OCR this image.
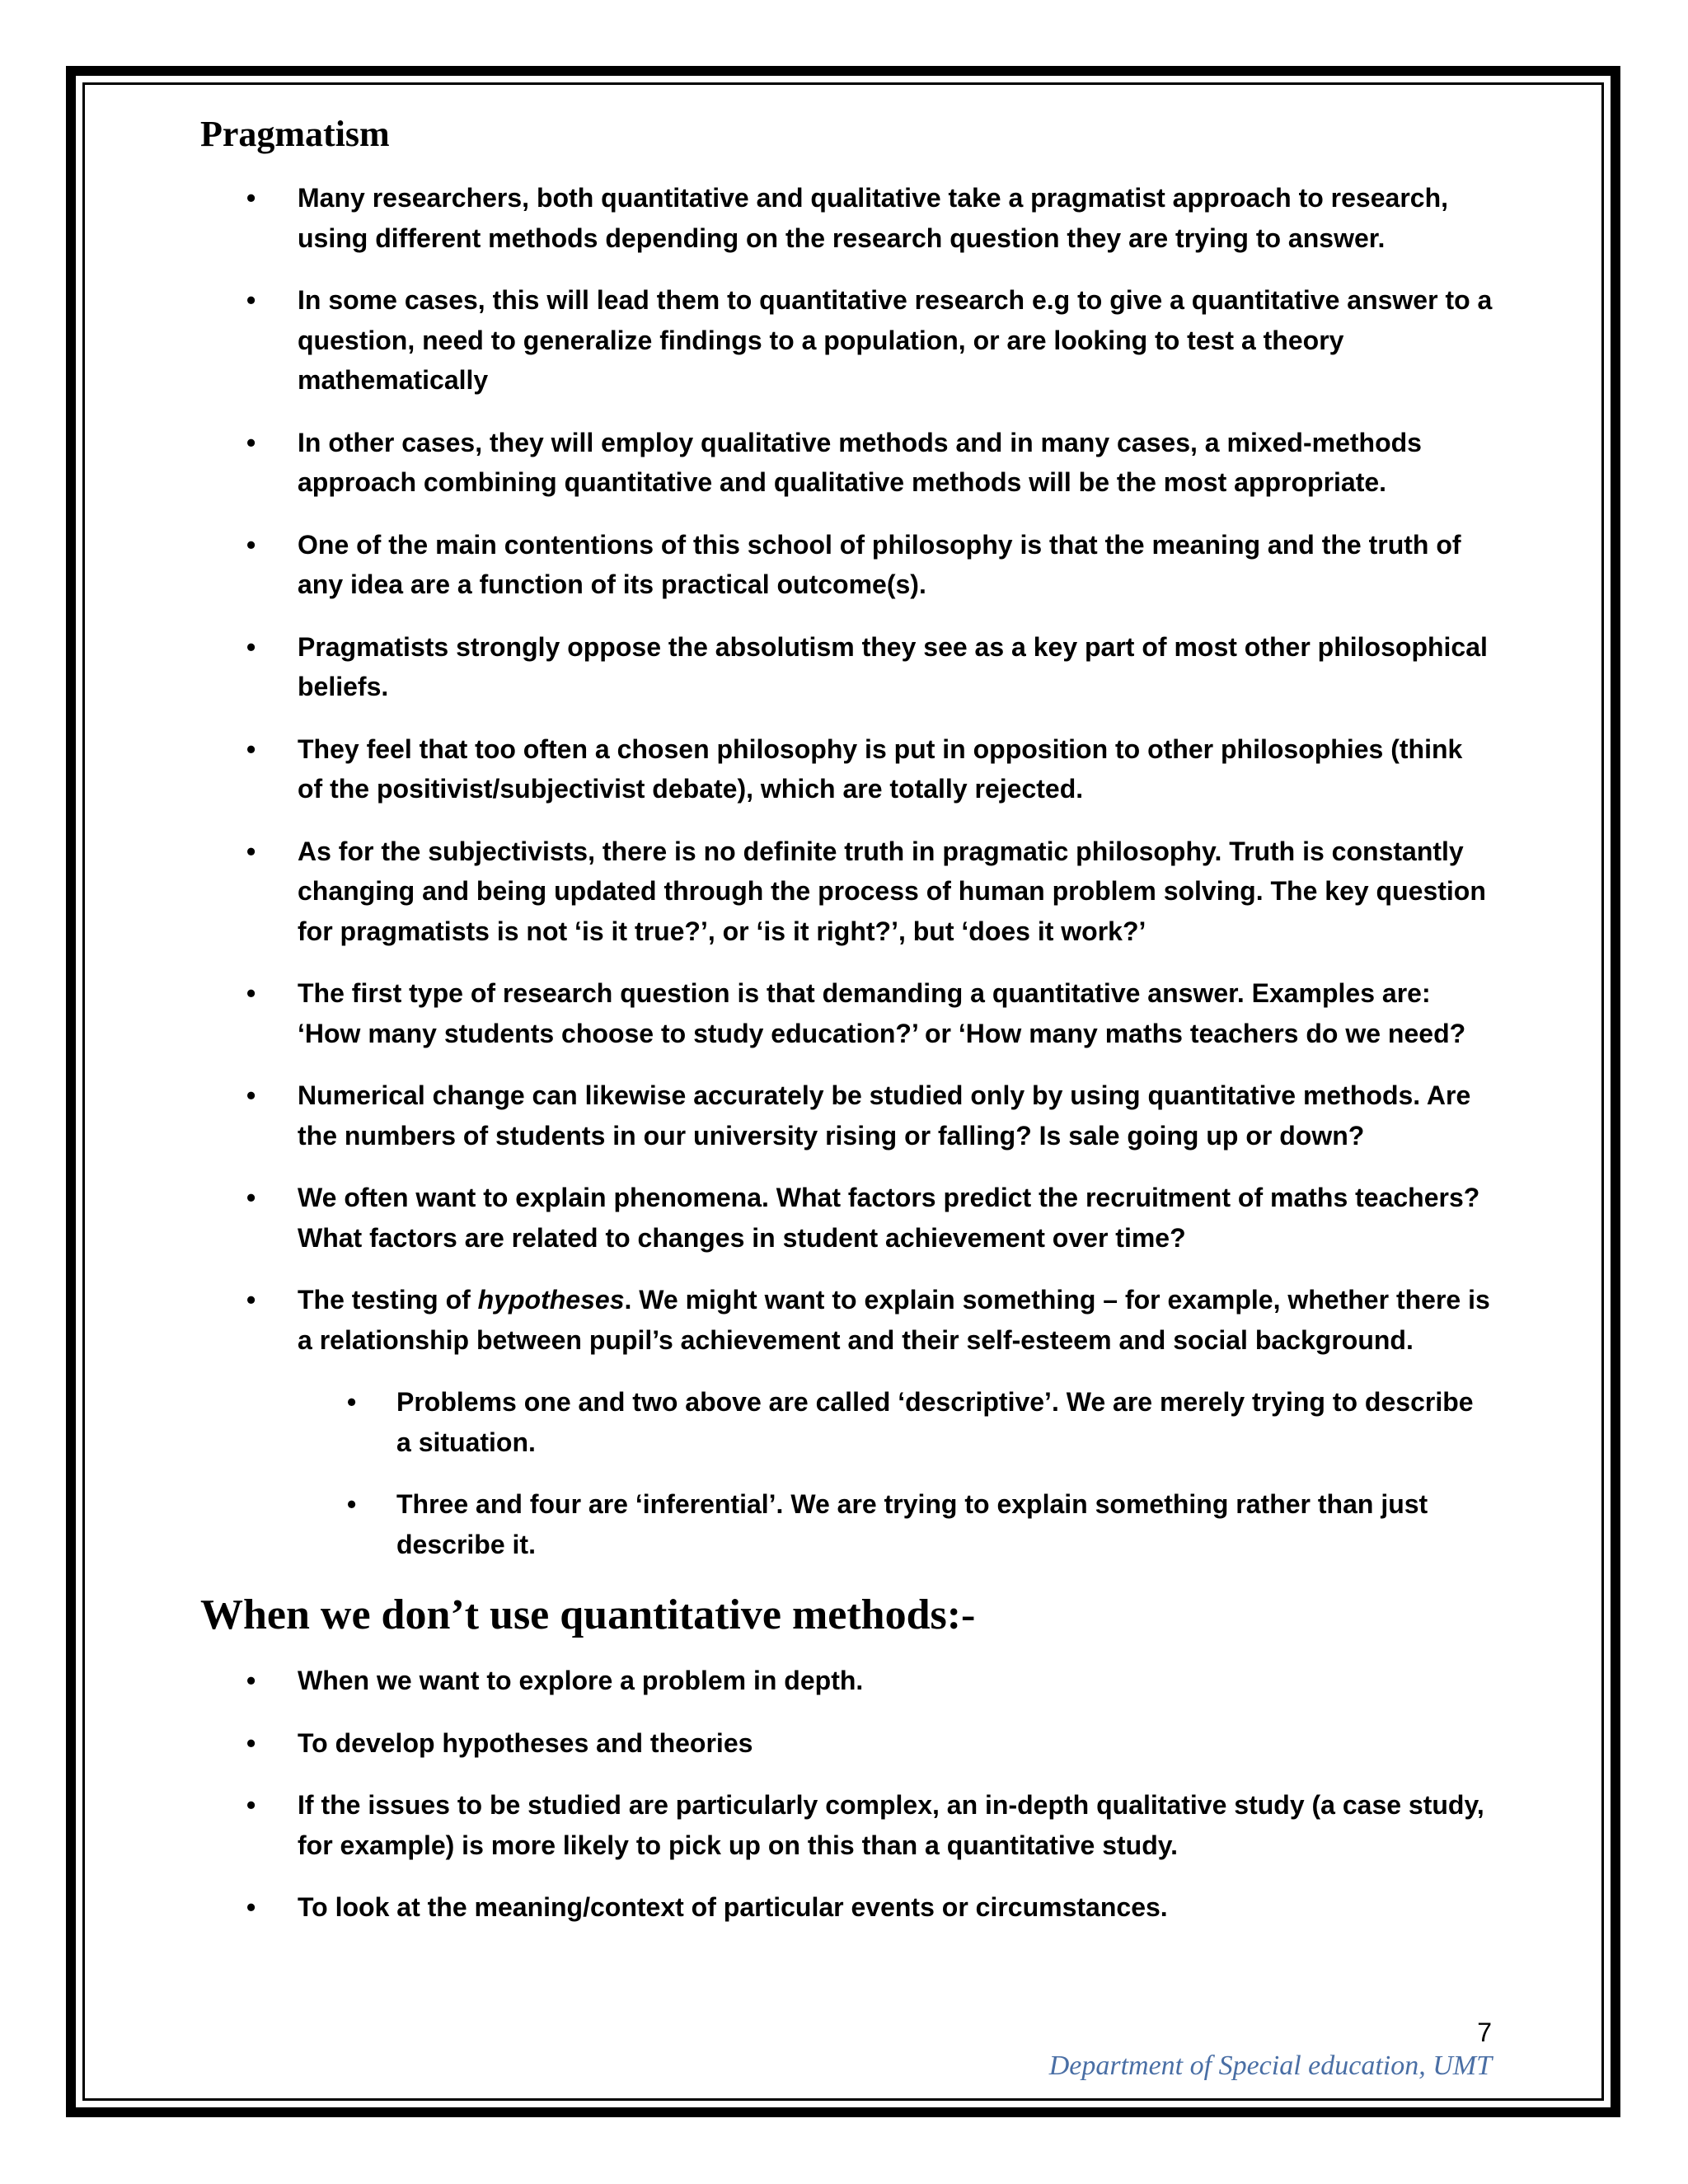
Pragmatism
• Many researchers, both quantitative and qualitative take a pragmatist approach to research, using different methods depending on the research question they are trying to answer.
• In some cases, this will lead them to quantitative research e.g to give a quantitative answer to a question, need to generalize findings to a population, or are looking to test a theory mathematically
• In other cases, they will employ qualitative methods and in many cases, a mixed-methods approach combining quantitative and qualitative methods will be the most appropriate.
• One of the main contentions of this school of philosophy is that the meaning and the truth of any idea are a function of its practical outcome(s).
• Pragmatists strongly oppose the absolutism they see as a key part of most other philosophical beliefs.
• They feel that too often a chosen philosophy is put in opposition to other philosophies (think of the positivist/subjectivist debate), which are totally rejected.
• As for the subjectivists, there is no definite truth in pragmatic philosophy. Truth is constantly changing and being updated through the process of human problem solving. The key question for pragmatists is not ‘is it true?’, or ‘is it right?’, but ‘does it work?’
• The first type of research question is that demanding a quantitative answer. Examples are: ‘How many students choose to study education?’ or ‘How many maths teachers do we need?
• Numerical change can likewise accurately be studied only by using quantitative methods. Are the numbers of students in our university rising or falling? Is sale going up or down?
• We often want to explain phenomena. What factors predict the recruitment of maths teachers? What factors are related to changes in student achievement over time?
• The testing of hypotheses. We might want to explain something – for example, whether there is a relationship between pupil’s achievement and their self-esteem and social background.
• Problems one and two above are called ‘descriptive’. We are merely trying to describe a situation.
• Three and four are ‘inferential’. We are trying to explain something rather than just describe it.
When we don’t use quantitative methods:-
• When we want to explore a problem in depth.
• To develop hypotheses and theories
• If the issues to be studied are particularly complex, an in-depth qualitative study (a case study, for example) is more likely to pick up on this than a quantitative study.
• To look at the meaning/context of particular events or circumstances.
7
Department of Special education, UMT
